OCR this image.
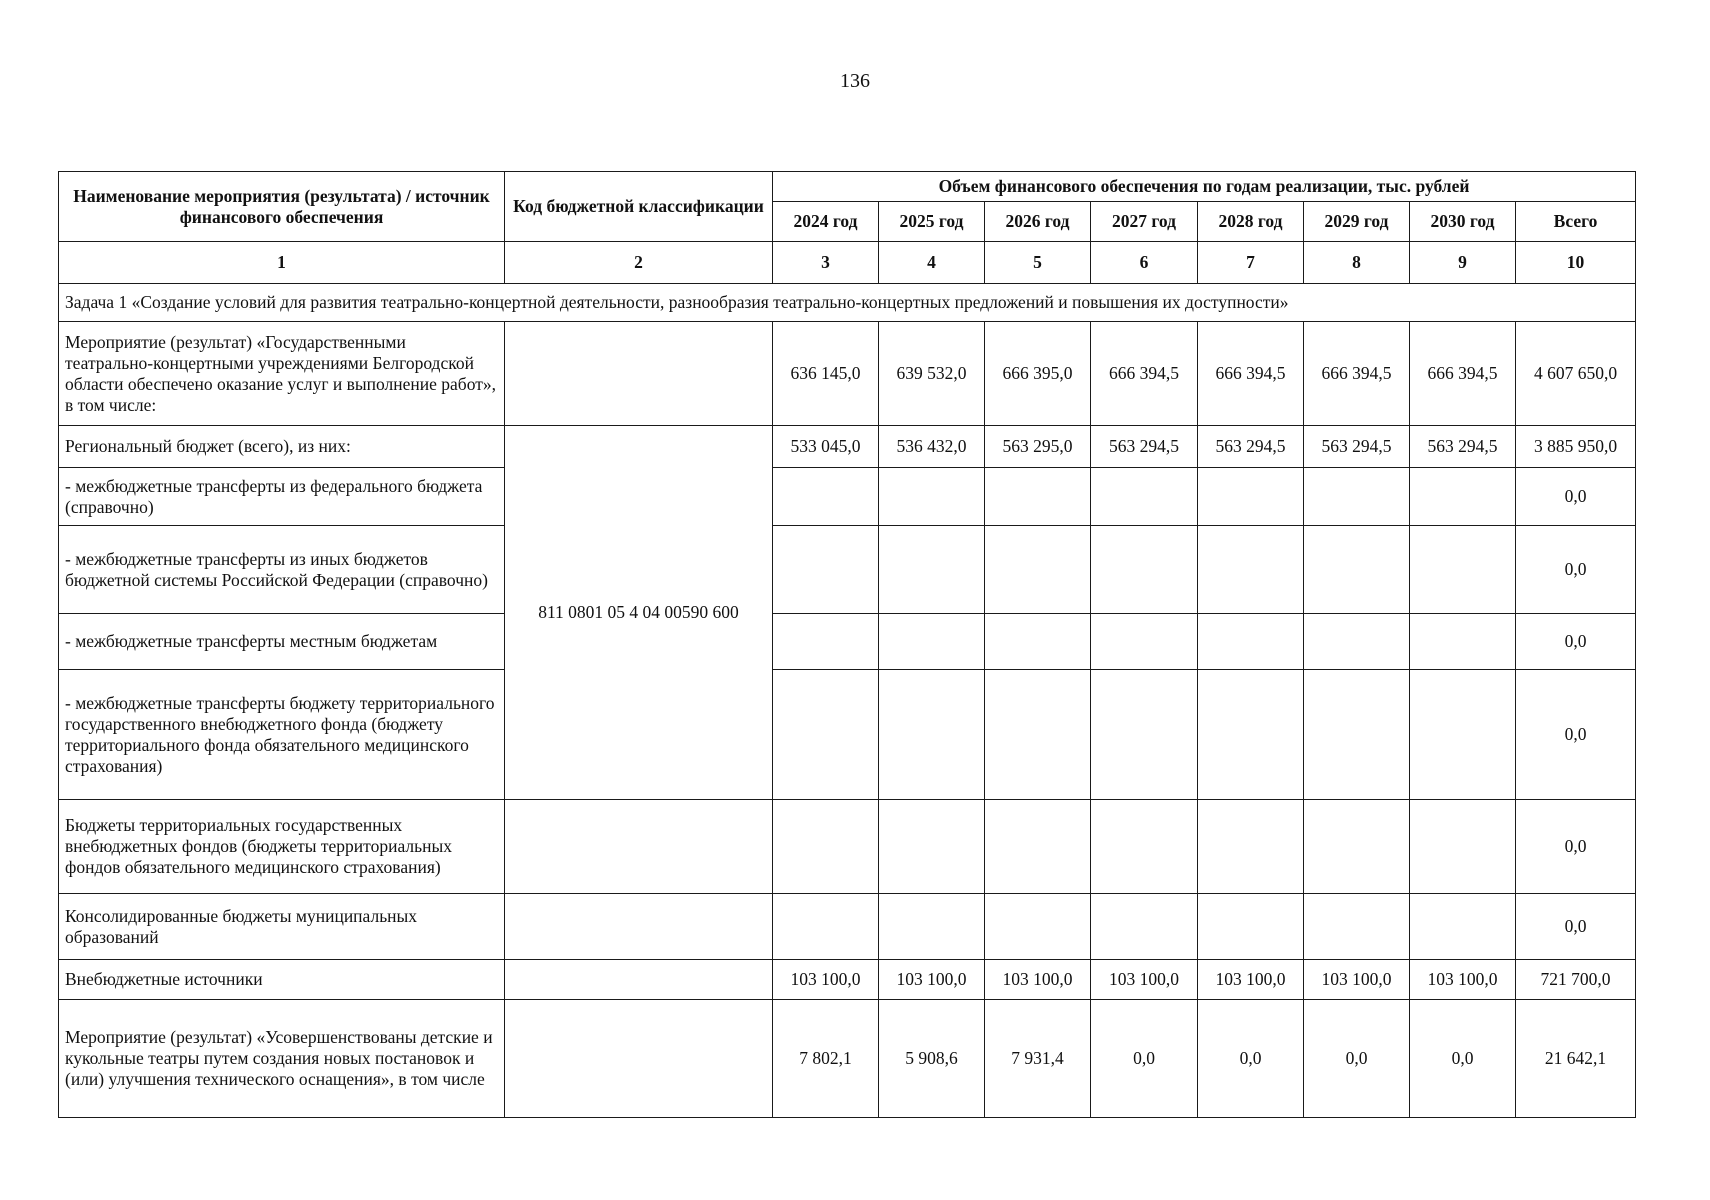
136
Наименование мероприятия (результата) / источник финансового обеспечения	Код бюджетной классификации	Объем финансового обеспечения по годам реализации, тыс. рублей							
		2024 год	2025 год	2026 год	2027 год	2028 год	2029 год	2030 год	Всего
1	2	3	4	5	6	7	8	9	10
Задача 1 «Создание условий для развития театрально-концертной деятельности, разнообразия театрально-концертных предложений и повышения их доступности»									
Мероприятие (результат) «Государственными театрально-концертными учреждениями Белгородской области обеспечено оказание услуг и выполнение работ», в том числе:		636 145,0	639 532,0	666 395,0	666 394,5	666 394,5	666 394,5	666 394,5	4 607 650,0
Региональный бюджет (всего), из них:	811 0801 05 4 04 00590 600	533 045,0	536 432,0	563 295,0	563 294,5	563 294,5	563 294,5	563 294,5	3 885 950,0
- межбюджетные трансферты из федерального бюджета (справочно)									0,0
- межбюджетные трансферты из иных бюджетов бюджетной системы Российской Федерации (справочно)									0,0
- межбюджетные трансферты местным бюджетам									0,0
- межбюджетные трансферты бюджету территориального государственного внебюджетного фонда (бюджету территориального фонда обязательного медицинского страхования)									0,0
Бюджеты территориальных государственных внебюджетных фондов (бюджеты территориальных фондов обязательного медицинского страхования)									0,0
Консолидированные бюджеты муниципальных образований									0,0
Внебюджетные источники		103 100,0	103 100,0	103 100,0	103 100,0	103 100,0	103 100,0	103 100,0	721 700,0
Мероприятие (результат) «Усовершенствованы детские и кукольные театры путем создания новых постановок и (или) улучшения технического оснащения», в том числе		7 802,1	5 908,6	7 931,4	0,0	0,0	0,0	0,0	21 642,1
